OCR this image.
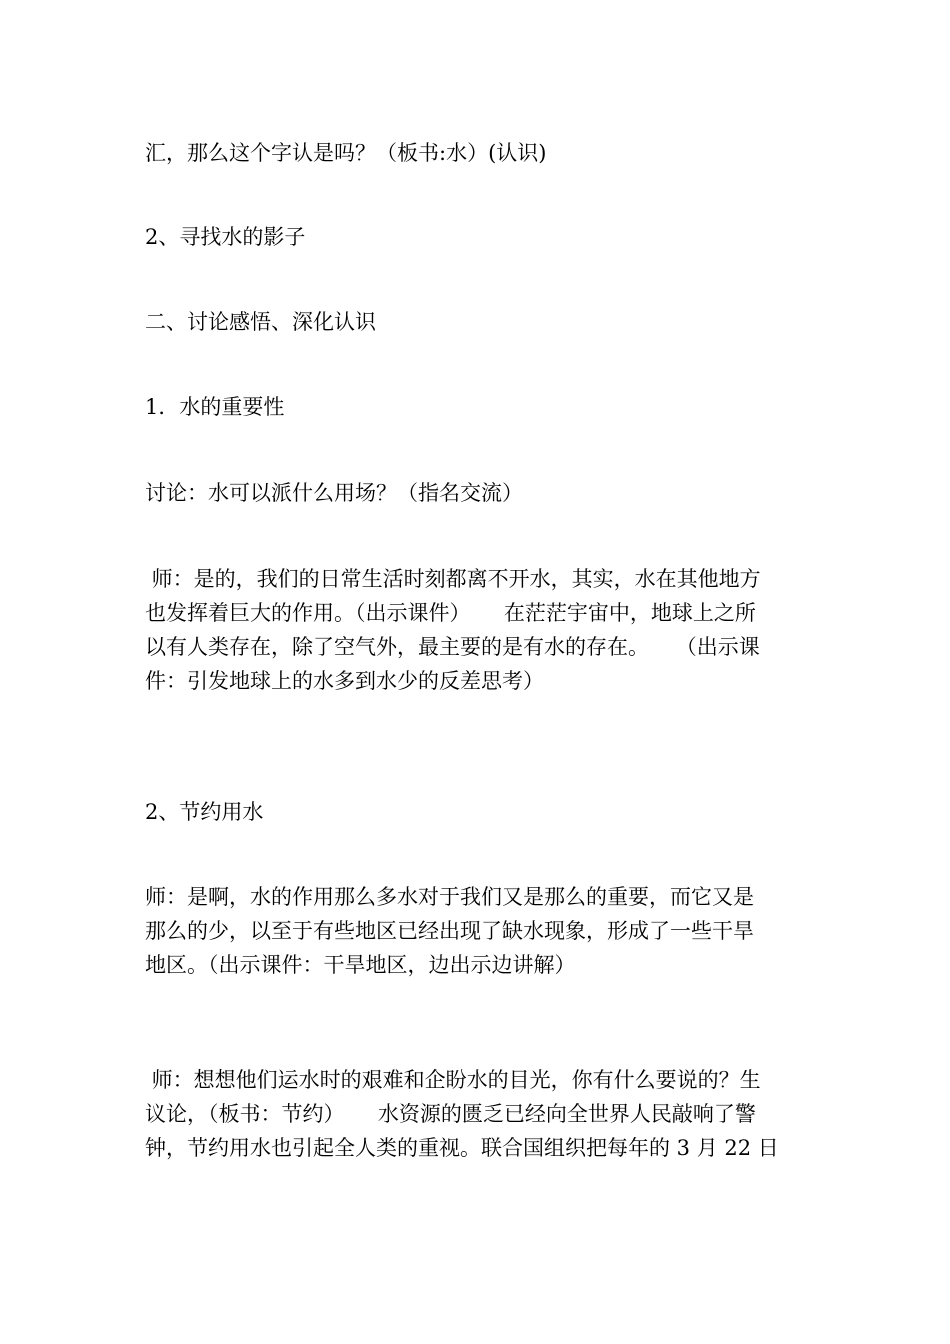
汇，那么这个字认是吗？（板书:水）(认识)
2、寻找水的影子
二、讨论感悟、深化认识
1．水的重要性
讨论：水可以派什么用场？（指名交流）
师：是的，我们的日常生活时刻都离不开水，其实，水在其他地方
也发挥着巨大的作用。（出示课件）     在茫茫宇宙中，地球上之所
以有人类存在，除了空气外，最主要的是有水的存在。    （出示课
件：引发地球上的水多到水少的反差思考）
2、节约用水
师：是啊，水的作用那么多水对于我们又是那么的重要，而它又是
那么的少，以至于有些地区已经出现了缺水现象，形成了一些干旱
地区。（出示课件：干旱地区，边出示边讲解）
师：想想他们运水时的艰难和企盼水的目光，你有什么要说的？生
议论，（板书：节约）     水资源的匮乏已经向全世界人民敲响了警
钟，节约用水也引起全人类的重视。联合国组织把每年的 3 月 22 日
